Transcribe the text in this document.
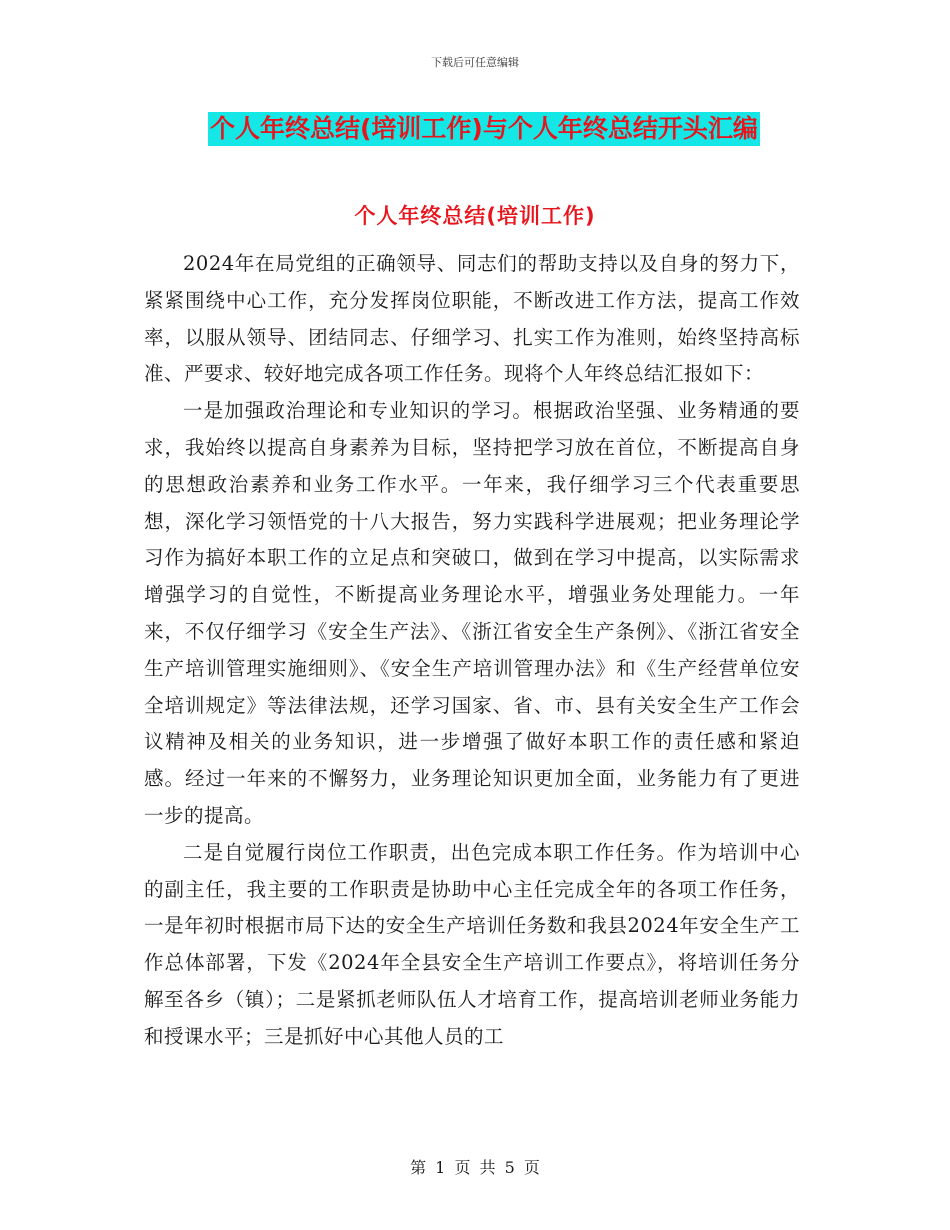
下载后可任意编辑
个人年终总结(培训工作)与个人年终总结开头汇编
个人年终总结(培训工作)

2024年在局党组的正确领导、同志们的帮助支持以及自身的努力下，紧紧围绕中心工作，充分发挥岗位职能，不断改进工作方法，提高工作效率，以服从领导、团结同志、仔细学习、扎实工作为准则，始终坚持高标准、严要求、较好地完成各项工作任务。现将个人年终总结汇报如下：

一是加强政治理论和专业知识的学习。根据政治坚强、业务精通的要求，我始终以提高自身素养为目标，坚持把学习放在首位，不断提高自身的思想政治素养和业务工作水平。一年来，我仔细学习三个代表重要思想，深化学习领悟党的十八大报告，努力实践科学进展观；把业务理论学习作为搞好本职工作的立足点和突破口，做到在学习中提高，以实际需求增强学习的自觉性，不断提高业务理论水平，增强业务处理能力。一年来，不仅仔细学习《安全生产法》、《浙江省安全生产条例》、《浙江省安全生产培训管理实施细则》、《安全生产培训管理办法》和《生产经营单位安全培训规定》等法律法规，还学习国家、省、市、县有关安全生产工作会议精神及相关的业务知识，进一步增强了做好本职工作的责任感和紧迫感。经过一年来的不懈努力，业务理论知识更加全面，业务能力有了更进一步的提高。

二是自觉履行岗位工作职责，出色完成本职工作任务。作为培训中心的副主任，我主要的工作职责是协助中心主任完成全年的各项工作任务，一是年初时根据市局下达的安全生产培训任务数和我县2024年安全生产工作总体部署，下发《2024年全县安全生产培训工作要点》，将培训任务分解至各乡（镇）；二是紧抓老师队伍人才培育工作，提高培训老师业务能力和授课水平；三是抓好中心其他人员的工

第 1 页 共 5 页
